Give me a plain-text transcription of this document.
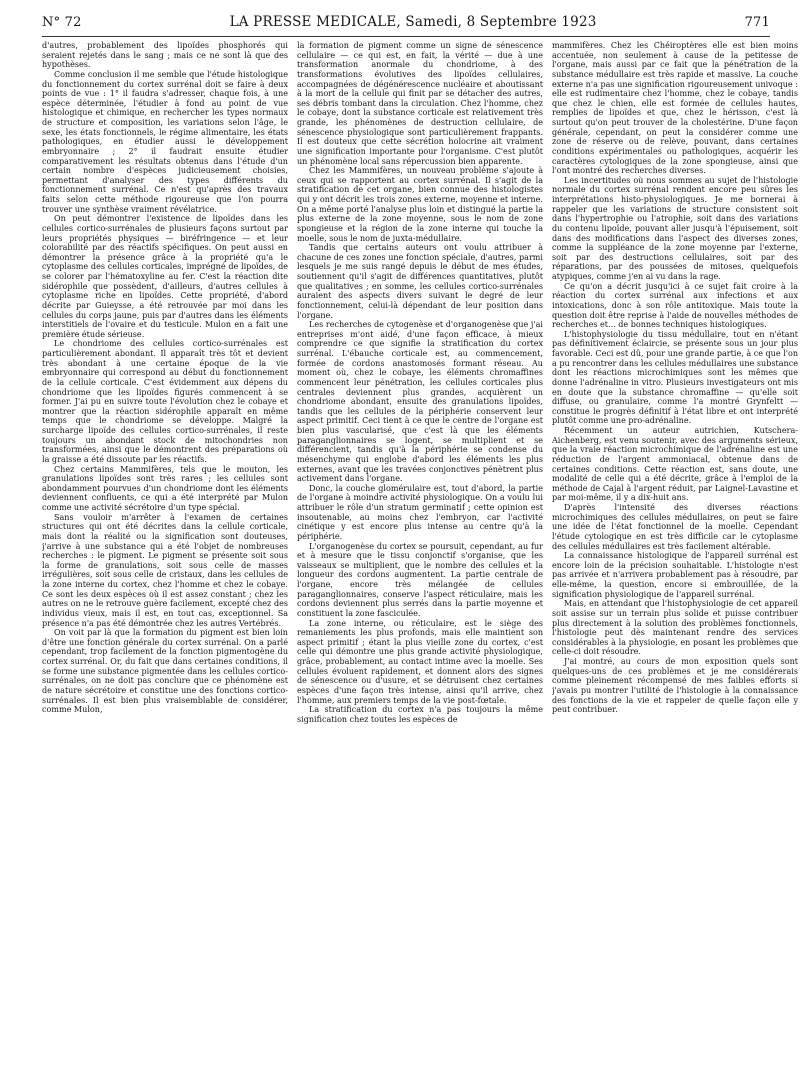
N° 72	LA PRESSE MEDICALE, Samedi, 8 Septembre 1923	771

d'autres, probablement des lipoïdes phosphorés qui seraient rejetés dans le sang ; mais ce ne sont là que des hypothèses.

Comme conclusion il me semble que l'étude histologique du fonctionnement du cortex surrénal doit se faire à deux points de vue : 1° il faudra s'adresser, chaque fois, à une espèce déterminée, l'étudier à fond au point de vue histologique et chimique, en rechercher les types normaux de structure et composition, les variations selon l'âge, le sexe, les états fonctionnels, le régime alimentaire, les états pathologiques, en étudier aussi le développement embryonnaire ; 2° il faudrait ensuite étudier comparativement les résultats obtenus dans l'étude d'un certain nombre d'espèces judicieusement choisies, permettant d'analyser des types différents du fonctionnement surrénal. Ce n'est qu'après des travaux faits selon cette méthode rigoureuse que l'on pourra trouver une synthèse vraiment révélatrice.

On peut démontrer l'existence de lipoïdes dans les cellules cortico-surrénales de plusieurs façons surtout par leurs propriétés physiques — biréfringence — et leur colorabilité par des réactifs spécifiques. On peut aussi en démontrer la présence grâce à la propriété qu'a le cytoplasme des cellules corticales, imprégné de lipoïdes, de se colorer par l'hématoxyline au fer. C'est la réaction dite sidérophile que possèdent, d'ailleurs, d'autres cellules à cytoplasme riche en lipoïdes. Cette propriété, d'abord décrite par Guieysse, a été retrouvée par moi dans les cellules du corps jaune, puis par d'autres dans les éléments interstitiels de l'ovaire et du testicule. Mulon en a fait une première étude sérieuse.

Le chondriome des cellules cortico-surrénales est particulièrement abondant. Il apparaît très tôt et devient très abondant à une certaine époque de la vie embryonnaire qui correspond au début du fonctionnement de la cellule corticale. C'est évidemment aux dépens du chondriome que les lipoïdes figurés commencent à se former. J'ai pu en suivre toute l'évolution chez le cobaye et montrer que la réaction sidérophile apparaît en même temps que le chondriome se développe. Malgré la surcharge lipoïde des cellules cortico-surrénales, il reste toujours un abondant stock de mitochondries non transformées, ainsi que le démontrent des préparations où la graisse a été dissoute par les réactifs.

Chez certains Mammifères, tels que le mouton, les granulations lipoïdes sont très rares ; les cellules sont abondamment pourvues d'un chondriome dont les éléments deviennent confluents, ce qui a été interprété par Mulon comme une activité sécrétoire d'un type spécial.

Sans vouloir m'arrêter à l'examen de certaines structures qui ont été décrites dans la cellule corticale, mais dont la réalité ou la signification sont douteuses, j'arrive à une substance qui a été l'objet de nombreuses recherches : le pigment. Le pigment se présente soit sous la forme de granulations, soit sous celle de masses irrégulières, soit sous celle de cristaux, dans les cellules de la zone interne du cortex, chez l'homme et chez le cobaye. Ce sont les deux espèces où il est assez constant ; chez les autres on ne le retrouve guère facilement, excepté chez des individus vieux, mais il est, en tout cas, exceptionnel. Sa présence n'a pas été démontrée chez les autres Vertébrés.

On voit par là que la formation du pigment est bien loin d'être une fonction générale du cortex surrénal. On a parlé cependant, trop facilement de la fonction pigmentogène du cortex surrénal. Or, du fait que dans certaines conditions, il se forme une substance pigmentée dans les cellules cortico-surrénales, on ne doit pas conclure que ce phénomène est de nature sécrétoire et constitue une des fonctions cortico-surrénales. Il est bien plus vraisemblable de considérer, comme Mulon,

la formation de pigment comme un signe de sénescence cellulaire — ce qui est, en fait, la vérité — due à une transformation anormale du chondriome, à des transformations évolutives des lipoïdes cellulaires, accompagnées de dégénérescence nucléaire et aboutissant à la mort de la cellule qui finit par se détacher des autres, ses débris tombant dans la circulation. Chez l'homme, chez le cobaye, dont la substance corticale est relativement très grande, les phénomènes de destruction cellulaire, de sénescence physiologique sont particulièrement frappants. Il est douteux que cette sécrétion holocrine ait vraiment une signification importante pour l'organisme. C'est plutôt un phénomène local sans répercussion bien apparente.

Chez les Mammifères, un nouveau problème s'ajoute à ceux qui se rapportent au cortex surrénal. Il s'agit de la stratification de cet organe, bien connue des histologistes qui y ont décrit les trois zones externe, moyenne et interne. On a même porté l'analyse plus loin et distingué la partie la plus externe de la zone moyenne, sous le nom de zone spongieuse et la région de la zone interne qui touche la moelle, sous le nom de juxta-médullaire.

Tandis que certains auteurs ont voulu attribuer à chacune de ces zones une fonction spéciale, d'autres, parmi lesquels je me suis rangé depuis le début de mes études, soutiennent qu'il s'agit de différences quantitatives, plutôt que qualitatives ; en somme, les cellules cortico-surrénales auraient des aspects divers suivant le degré de leur fonctionnement, celui-là dépendant de leur position dans l'organe.

Les recherches de cytogenèse et d'organogenèse que j'ai entreprises m'ont aidé, d'une façon efficace, à mieux comprendre ce que signifie la stratification du cortex surrénal. L'ébauche corticale est, au commencement, formée de cordons anastomosés formant réseau. Au moment où, chez le cobaye, les éléments chromaffines commencent leur pénétration, les cellules corticales plus centrales deviennent plus grandes, acquièrent un chondriome abondant, ensuite des granulations lipoïdes, tandis que les cellules de la périphérie conservent leur aspect primitif. Ceci tient à ce que le centre de l'organe est bien plus vascularisé, que c'est là que les éléments paraganglionnaires se logent, se multiplient et se différencient, tandis qu'à la périphérie se condense du mésenchyme qui englobe d'abord les éléments les plus externes, avant que les travées conjonctives pénètrent plus activement dans l'organe.

Donc, la couche glomérulaire est, tout d'abord, la partie de l'organe à moindre activité physiologique. On a voulu lui attribuer le rôle d'un stratum germinatif ; cette opinion est insoutenable, au moins chez l'embryon, car l'activité cinétique y est encore plus intense au centre qu'à la périphérie.

L'organogenèse du cortex se poursuit, cependant, au fur et à mesure que le tissu conjonctif s'organise, que les vaisseaux se multiplient, que le nombre des cellules et la longueur des cordons augmentent. La partie centrale de l'organe, encore très mélangée de cellules paraganglionnaires, conserve l'aspect réticulaire, mais les cordons deviennent plus serrés dans la partie moyenne et constituent la zone fasciculée.

La zone interne, ou réticulaire, est le siège des remaniements les plus profonds, mais elle maintient son aspect primitif ; étant la plus vieille zone du cortex, c'est celle qui démontre une plus grande activité physiologique, grâce, probablement, au contact intime avec la moelle. Ses cellules évoluent rapidement, et donnent alors des signes de sénescence ou d'usure, et se détruisent chez certaines espèces d'une façon très intense, ainsi qu'il arrive, chez l'homme, aux premiers temps de la vie post-fœtale.

La stratification du cortex n'a pas toujours la même signification chez toutes les espèces de

mammifères. Chez les Chéiroptères elle est bien moins accentuée, non seulement à cause de la petitesse de l'organe, mais aussi par ce fait que la pénétration de la substance médullaire est très rapide et massive. La couche externe n'a pas une signification rigoureusement univoque : elle est rudimentaire chez l'homme, chez le cobaye, tandis que chez le chien, elle est formée de cellules hautes, remplies de lipoïdes et que, chez le hérisson, c'est là surtout qu'on peut trouver de la cholestérine. D'une façon générale, cependant, on peut la considérer comme une zone de réserve ou de relève, pouvant, dans certaines conditions expérimentales ou pathologiques, acquérir les caractères cytologiques de la zone spongieuse, ainsi que l'ont montré des recherches diverses.

Les incertitudes où nous sommes au sujet de l'histologie normale du cortex surrénal rendent encore peu sûres les interprétations histo-physiologiques. Je me bornerai à rappeler que les variations de structure consistent soit dans l'hypertrophie ou l'atrophie, soit dans des variations du contenu lipoïde, pouvant aller jusqu'à l'épuisement, soit dans des modifications dans l'aspect des diverses zones, comme la suppléance de la zone moyenne par l'externe, soit par des destructions cellulaires, soit par des réparations, par des poussées de mitoses, quelquefois atypiques, comme j'en ai vu dans la rage.

Ce qu'on a décrit jusqu'ici à ce sujet fait croire à la réaction du cortex surrénal aux infections et aux intoxications, donc à son rôle antitoxique. Mais toute la question doit être reprise à l'aide de nouvelles méthodes de recherches et... de bonnes techniques histologiques.

L'histophysiologie du tissu médullaire, tout en n'étant pas définitivement éclaircie, se présente sous un jour plus favorable. Ceci est dû, pour une grande partie, à ce que l'on a pu rencontrer dans les cellules médullaires une substance dont les réactions microchimiques sont les mêmes que donne l'adrénaline in vitro. Plusieurs investigateurs ont mis en doute que la substance chromaffine — qu'elle soit diffuse, ou granulaire, comme l'a montré Grynfeltt — constitue le progrès définitif à l'état libre et ont interprété plutôt comme une pro-adrénaline.

Récemment un auteur autrichien, Kutschera-Aichenberg, est venu soutenir, avec des arguments sérieux, que la vraie réaction microchimique de l'adrénaline est une réduction de l'argent ammoniacal, obtenue dans de certaines conditions. Cette réaction est, sans doute, une modalité de celle qui a été décrite, grâce à l'emploi de la méthode de Cajal à l'argent réduit, par Laignel-Lavastine et par moi-même, il y a dix-huit ans.

D'après l'intensité des diverses réactions microchimiques des cellules médullaires, on peut se faire une idée de l'état fonctionnel de la moelle. Cependant l'étude cytologique en est très difficile car le cytoplasme des cellules médullaires est très facilement altérable.

La connaissance histologique de l'appareil surrénal est encore loin de la précision souhaitable. L'histologie n'est pas arrivée et n'arrivera probablement pas à résoudre, par elle-même, la question, encore si embrouillée, de la signification physiologique de l'appareil surrénal.

Mais, en attendant que l'histophysiologie de cet appareil soit assise sur un terrain plus solide et puisse contribuer plus directement à la solution des problèmes fonctionnels, l'histologie peut dès maintenant rendre des services considérables à la physiologie, en posant les problèmes que celle-ci doit résoudre.

J'ai montré, au cours de mon exposition quels sont quelques-uns de ces problèmes et je me considérerais comme pleinement récompensé de mes faibles efforts si j'avais pu montrer l'utilité de l'histologie à la connaissance des fonctions de la vie et rappeler de quelle façon elle y peut contribuer.
